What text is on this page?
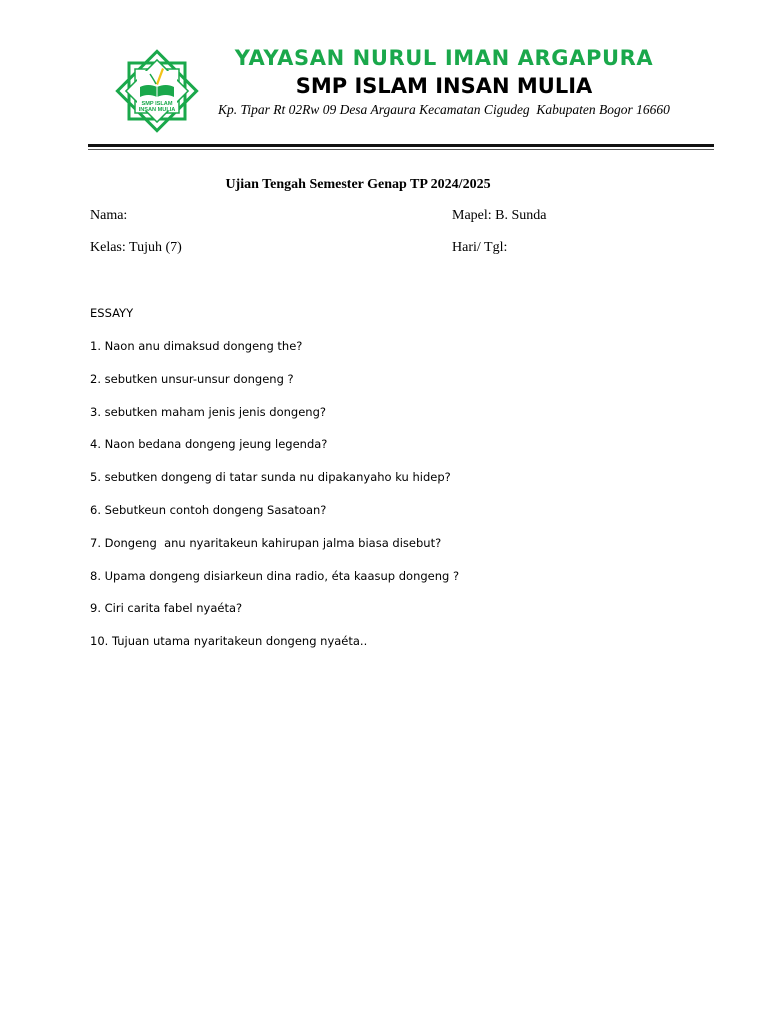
SMP ISLAM
INSAN MULIA
YAYASAN NURUL IMAN ARGAPURA
SMP ISLAM INSAN MULIA
Kp. Tipar Rt 02Rw 09 Desa Argaura Kecamatan Cigudeg  Kabupaten Bogor 16660
Ujian Tengah Semester Genap TP 2024/2025
Nama:	Mapel: B. Sunda
Kelas: Tujuh (7)	Hari/ Tgl:
ESSAYY
1. Naon anu dimaksud dongeng the?
2. sebutken unsur-unsur dongeng ?
3. sebutken maham jenis jenis dongeng?
4. Naon bedana dongeng jeung legenda?
5. sebutken dongeng di tatar sunda nu dipakanyaho ku hidep?
6. Sebutkeun contoh dongeng Sasatoan?
7. Dongeng  anu nyaritakeun kahirupan jalma biasa disebut?
8. Upama dongeng disiarkeun dina radio, éta kaasup dongeng ?
9. Ciri carita fabel nyaéta?
10. Tujuan utama nyaritakeun dongeng nyaéta..
